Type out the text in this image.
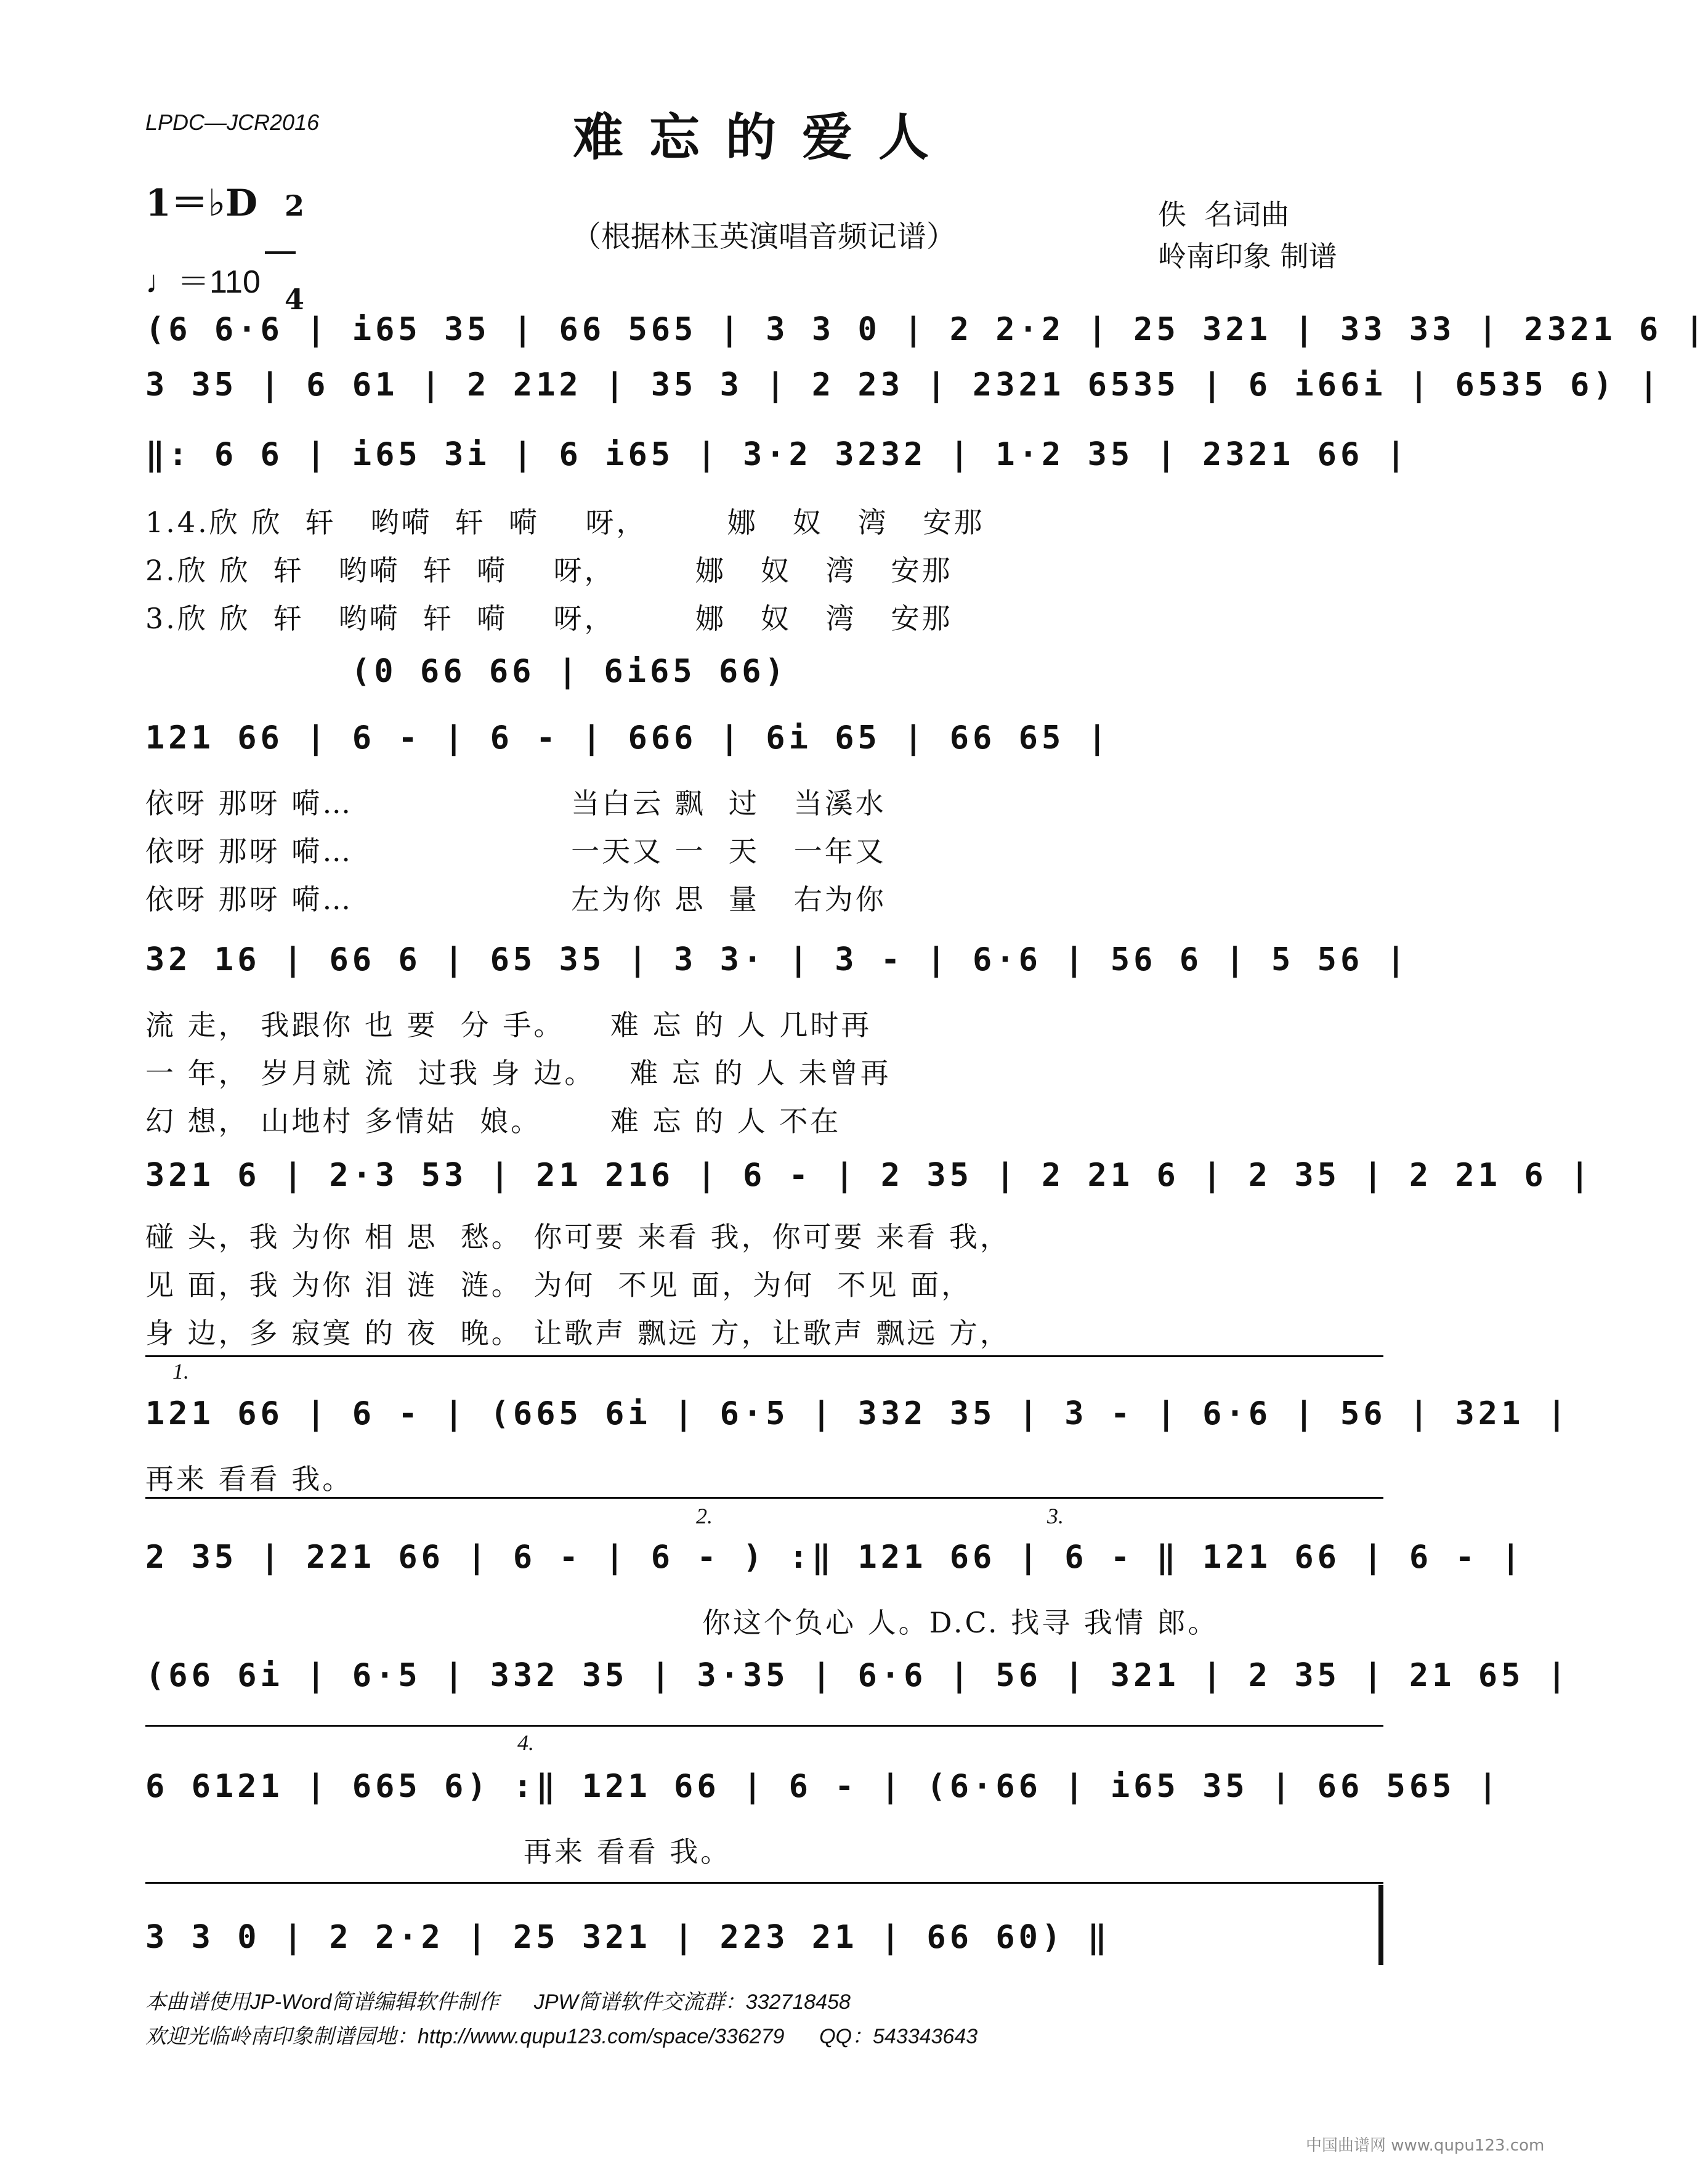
LPDC—JCR2016	难忘的爱人
（根据林玉英演唱音频记谱）
1＝♭D 2

4

♩＝110
佚  名词曲
岭南印象 制谱
(6 6·6 | i65 35 | 66 565 | 3 3 0 | 2 2·2 | 25 321 | 33 33 | 2321 6 |
3 35 | 6 61 | 2 212 | 35 3 | 2 23 | 2321 6535 | 6 i66i | 6535 6) |
‖: 6 6 | i65 3i | 6 i65 | 3·2 3232 | 1·2 35 | 2321 66 |
1.4.欣 欣  轩   哟嗬  轩  嗬    呀，       娜   奴   湾   安那
2.欣 欣  轩   哟嗬  轩  嗬    呀，       娜   奴   湾   安那
3.欣 欣  轩   哟嗬  轩  嗬    呀，       娜   奴   湾   安那
(0 66 66 | 6i65 66)
121 66 | 6 - | 6 - | 666 | 6i 65 | 66 65 |
依呀 那呀 嗬…                   当白云 飘  过   当溪水
依呀 那呀 嗬…                   一天又 一  天   一年又
依呀 那呀 嗬…                   左为你 思  量   右为你
32 16 | 66 6 | 65 35 | 3 3· | 3 - | 6·6 | 56 6 | 5 56 |
流 走， 我跟你 也 要  分 手。    难 忘 的 人 几时再
一 年， 岁月就 流  过我 身 边。   难 忘 的 人 未曾再
幻 想， 山地村 多情姑  娘。      难 忘 的 人 不在
321 6 | 2·3 53 | 21 216 | 6 - | 2 35 | 2 21 6 | 2 35 | 2 21 6 |
碰 头，我 为你 相 思  愁。 你可要 来看 我，你可要 来看 我，
见 面，我 为你 泪 涟  涟。 为何  不见 面，为何  不见 面，
身 边，多 寂寞 的 夜  晚。 让歌声 飘远 方，让歌声 飘远 方，
1.
121 66 | 6 - | (665 6i | 6·5 | 332 35 | 3 - | 6·6 | 56 | 321 |
再来 看看 我。
2.	3.
2 35 | 221 66 | 6 - | 6 - ) :‖ 121 66 | 6 - ‖ 121 66 | 6 - |
你这个负心 人。D.C. 找寻 我情 郎。
(66 6i | 6·5 | 332 35 | 3·35 | 6·6 | 56 | 321 | 2 35 | 21 65 |
4.
6 6121 | 665 6) :‖ 121 66 | 6 - | (6·66 | i65 35 | 66 565 |
再来 看看 我。
3 3 0 | 2 2·2 | 25 321 | 223 21 | 66 60) ‖
本曲谱使用JP-Word简谱编辑软件制作      JPW简谱软件交流群：332718458
欢迎光临岭南印象制谱园地：http://www.qupu123.com/space/336279      QQ：543343643
中国曲谱网 www.qupu123.com
